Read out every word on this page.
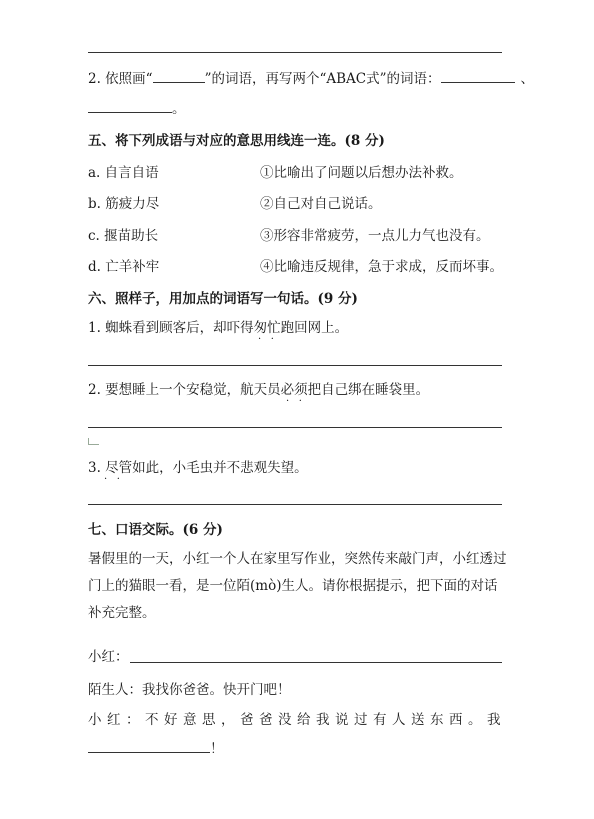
2. 依照画“	”的词语，再写两个“ABAC式”的词语：	、
。
五、将下列成语与对应的意思用线连一连。(8 分)
a. 自言自语	①比喻出了问题以后想办法补救。
b. 筋疲力尽	②自己对自己说话。
c. 揠苗助长	③形容非常疲劳，一点儿力气也没有。
d. 亡羊补牢	④比喻违反规律，急于求成，反而坏事。
六、照样子，用加点的词语写一句话。(9 分)
1. 蜘蛛看到顾客后，却吓得匆忙跑回网上。
·   ·
2. 要想睡上一个安稳觉，航天员必须把自己绑在睡袋里。
·   ·
3. 尽管如此，小毛虫并不悲观失望。
·   ·
七、口语交际。(6 分)
暑假里的一天，小红一个人在家里写作业，突然传来敲门声，小红透过门上的猫眼一看，是一位陌(mò)生人。请你根据提示，把下面的对话补充完整。
小红：
陌生人：我找你爸爸。快开门吧！
小红：不好意思，爸爸没给我说过有人送东西。我
！
